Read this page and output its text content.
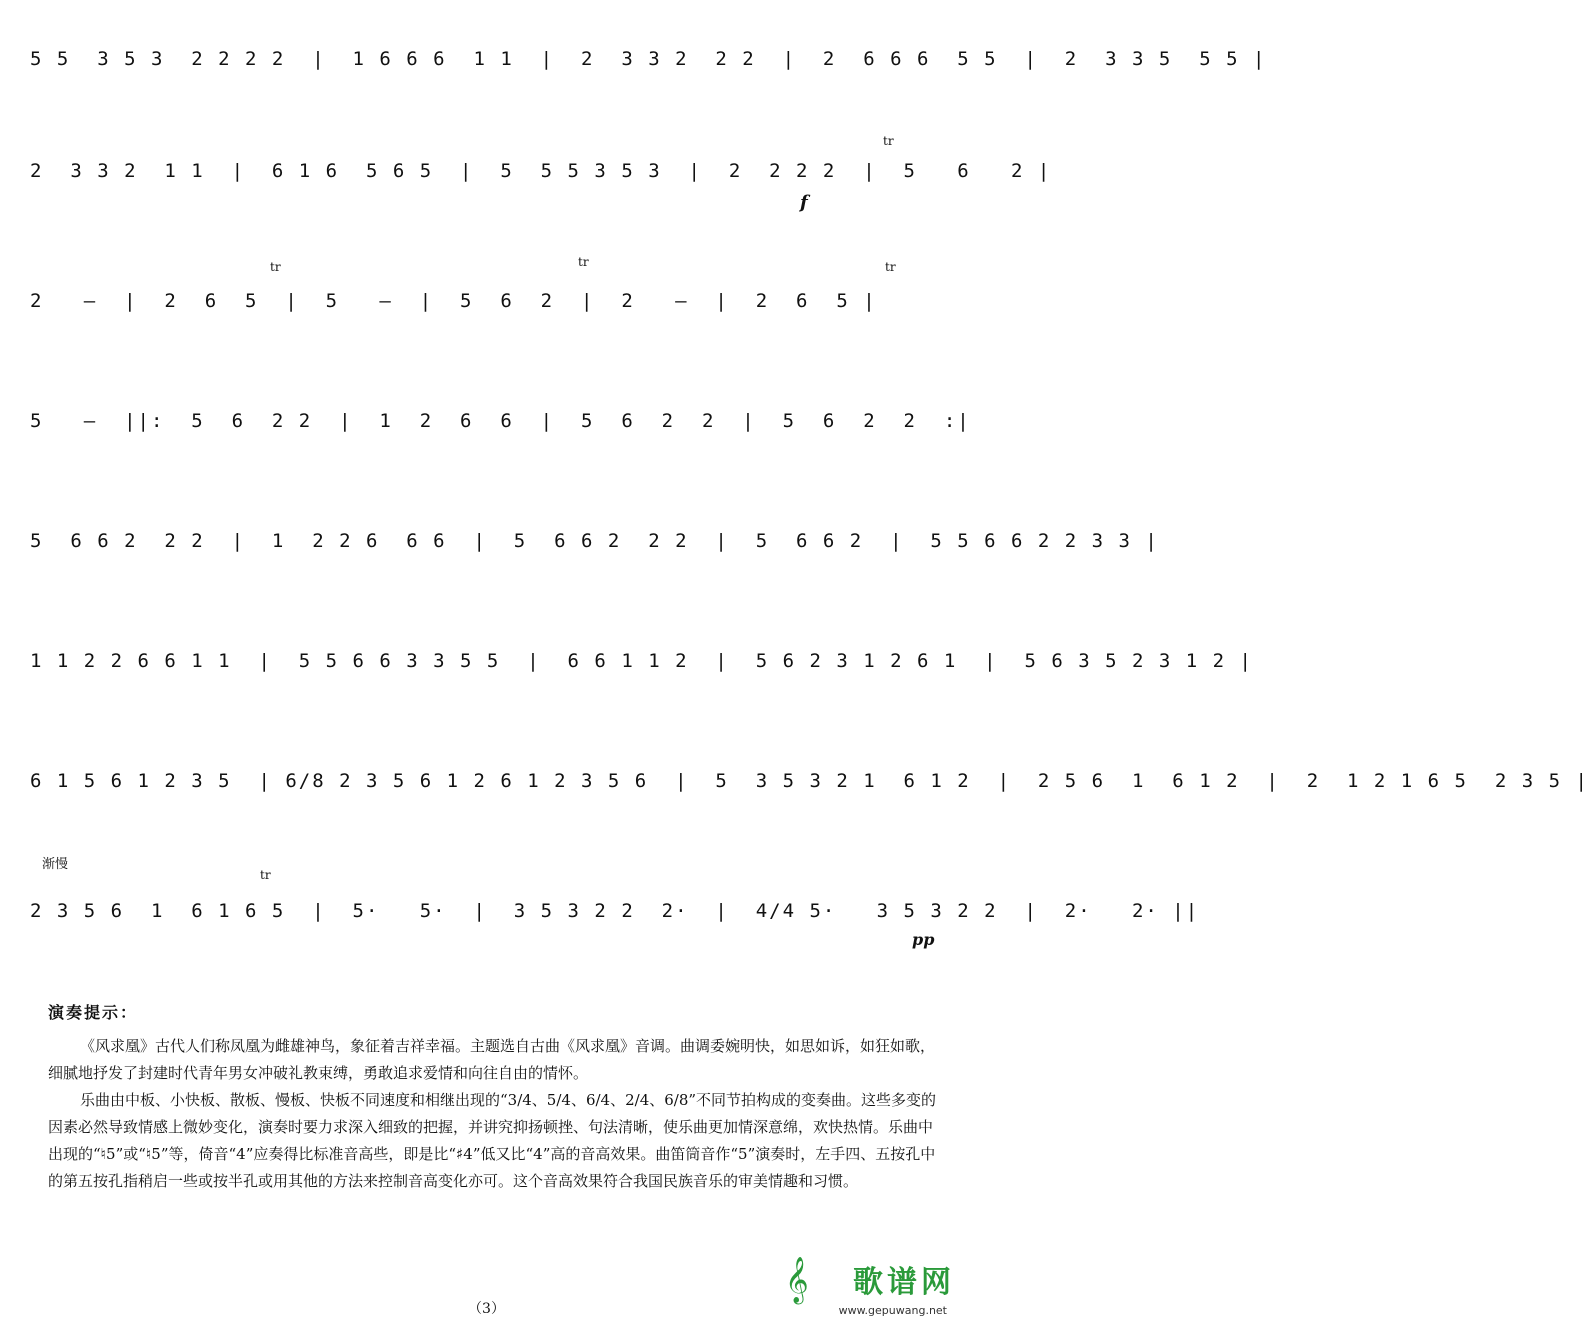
5 5  3 5 3  2 2 2 2  |  1 6 6 6  1 1  |  2  3 3 2  2 2  |  2  6 6 6  5 5  |  2  3 3 5  5 5 |
2  3 3 2  1 1  |  6 1 6  5 6 5  |  5  5 5 3 5 3  |  2  2 2 2  |  5   6   2 |
2   —  |  2  6  5  |  5   —  |  5  6  2  |  2   —  |  2  6  5 |
5   —  ||:  5  6  2 2  |  1  2  6  6  |  5  6  2  2  |  5  6  2  2  :|
5  6 6 2  2 2  |  1  2 2 6  6 6  |  5  6 6 2  2 2  |  5  6 6 2  |  5 5 6 6 2 2 3 3 |
1 1 2 2 6 6 1 1  |  5 5 6 6 3 3 5 5  |  6 6 1 1 2  |  5 6 2 3 1 2 6 1  |  5 6 3 5 2 3 1 2 |
6 1 5 6 1 2 3 5  | 6/8 2 3 5 6 1 2 6 1 2 3 5 6  |  5  3 5 3 2 1  6 1 2  |  2 5 6  1  6 1 2  |  2  1 2 1 6 5  2 3 5 |
2 3 5 6  1  6 1 6 5  |  5·   5·  |  3 5 3 2 2  2·  |  4/4 5·   3 5 3 2 2  |  2·   2· ||
f
tr
tr	tr	tr
tr
渐慢
pp

演奏提示：

《风求凰》古代人们称凤凰为雌雄神鸟，象征着吉祥幸福。主题选自古曲《风求凰》音调。曲调委婉明快，如思如诉，如狂如歌，细腻地抒发了封建时代青年男女冲破礼教束缚，勇敢追求爱情和向往自由的情怀。

乐曲由中板、小快板、散板、慢板、快板不同速度和相继出现的“3/4、5/4、6/4、2/4、6/8”不同节拍构成的变奏曲。这些多变的因素必然导致情感上微妙变化，演奏时要力求深入细致的把握，并讲究抑扬顿挫、句法清晰，使乐曲更加情深意绵，欢快热情。乐曲中出现的“♮5”或“♮5”等，倚音“4”应奏得比标准音高些，即是比“♯4”低又比“4”高的音高效果。曲笛筒音作“5”演奏时，左手四、五按孔中的第五按孔指稍启一些或按半孔或用其他的方法来控制音高变化亦可。这个音高效果符合我国民族音乐的审美情趣和习惯。

（3）
𝄞 歌谱网
www.gepuwang.net
